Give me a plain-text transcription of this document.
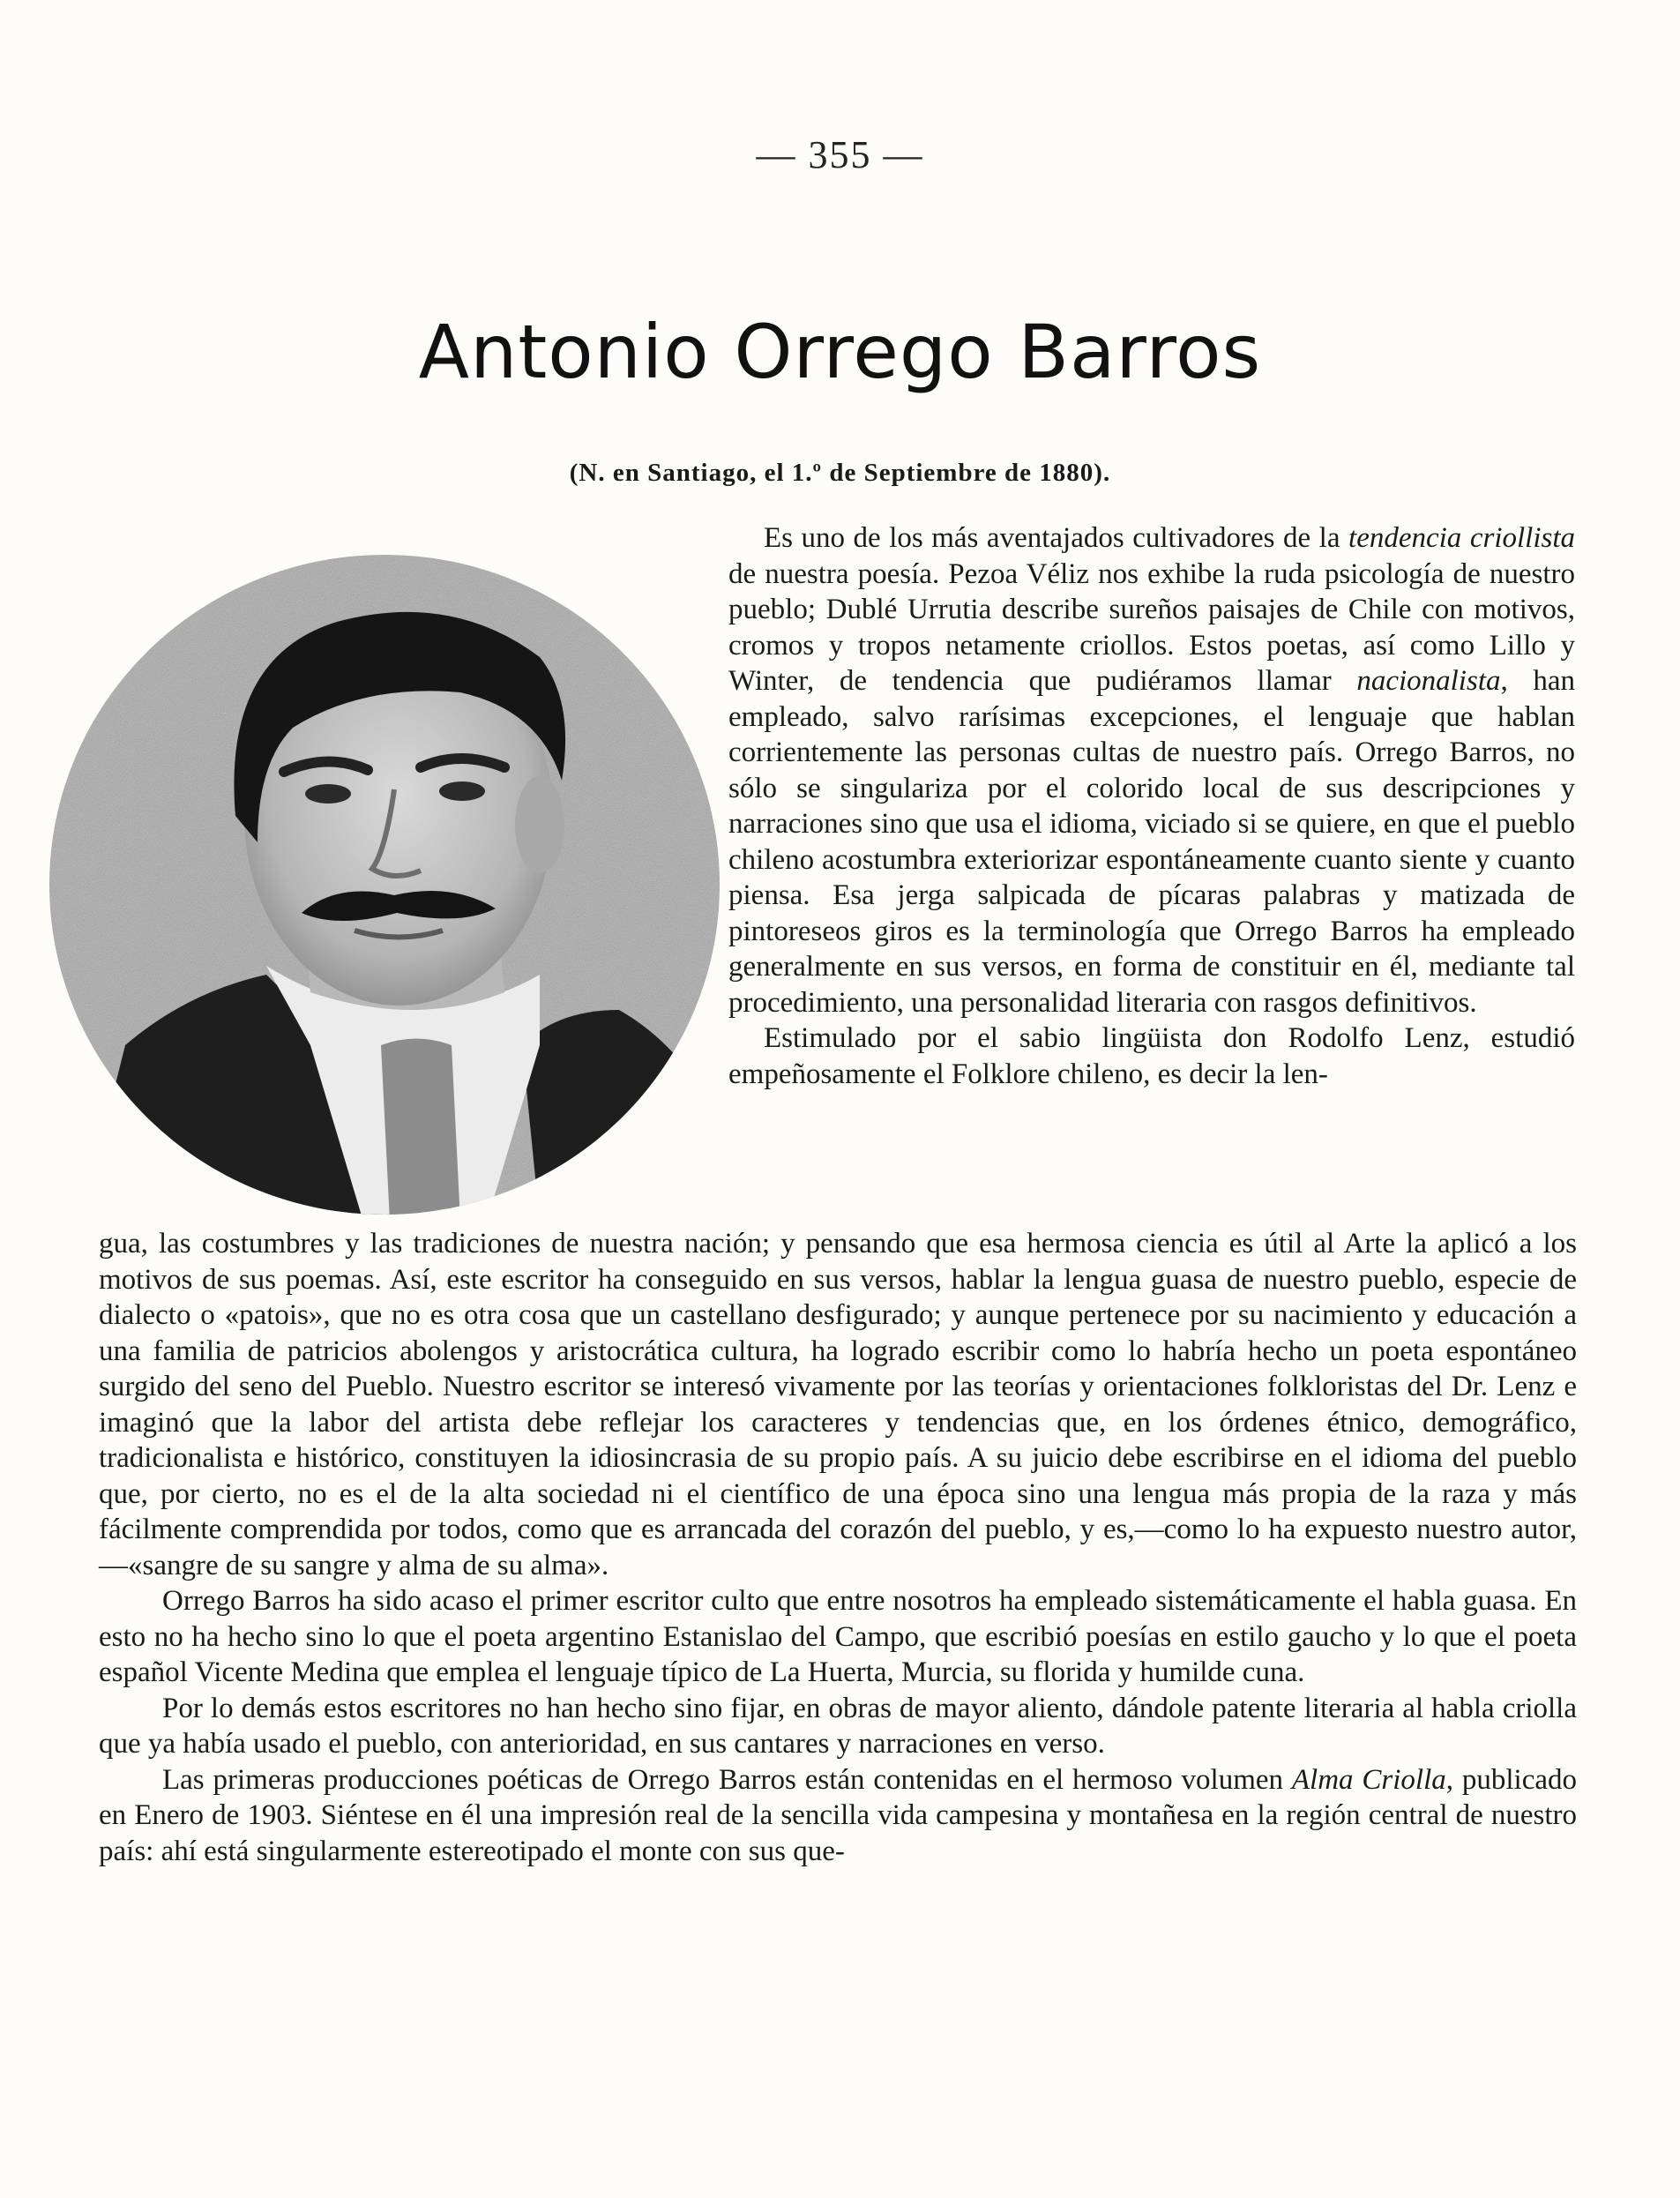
— 355 —
Antonio Orrego Barros
(N. en Santiago, el 1.º de Septiembre de 1880).

Es uno de los más aventajados cultivadores de la tendencia criollista de nuestra poesía. Pezoa Véliz nos exhibe la ruda psicología de nuestro pueblo; Dublé Urrutia describe sureños paisajes de Chile con motivos, cromos y tropos netamente criollos. Estos poetas, así como Lillo y Winter, de tendencia que pudiéramos llamar nacionalista, han empleado, salvo rarísimas excepciones, el lenguaje que hablan corrientemente las personas cultas de nuestro país. Orrego Barros, no sólo se singulariza por el colorido local de sus descripciones y narraciones sino que usa el idioma, viciado si se quiere, en que el pueblo chileno acostumbra exteriorizar espontáneamente cuanto siente y cuanto piensa. Esa jerga salpicada de pícaras palabras y matizada de pintoreseos giros es la terminología que Orrego Barros ha empleado generalmente en sus versos, en forma de constituir en él, mediante tal procedimiento, una personalidad literaria con rasgos definitivos.

Estimulado por el sabio lingüista don Rodolfo Lenz, estudió empeñosamente el Folklore chileno, es decir la len-

gua, las costumbres y las tradiciones de nuestra nación; y pensando que esa hermosa ciencia es útil al Arte la aplicó a los motivos de sus poemas. Así, este escritor ha conseguido en sus versos, hablar la lengua guasa de nuestro pueblo, especie de dialecto o «patois», que no es otra cosa que un castellano desfigurado; y aunque pertenece por su nacimiento y educación a una familia de patricios abolengos y aristocrática cultura, ha logrado escribir como lo habría hecho un poeta espontáneo surgido del seno del Pueblo. Nuestro escritor se interesó vivamente por las teorías y orientaciones folkloristas del Dr. Lenz e imaginó que la labor del artista debe reflejar los caracteres y tendencias que, en los órdenes étnico, demográfico, tradicionalista e histórico, constituyen la idiosincrasia de su propio país. A su juicio debe escribirse en el idioma del pueblo que, por cierto, no es el de la alta sociedad ni el científico de una época sino una lengua más propia de la raza y más fácilmente comprendida por todos, como que es arrancada del corazón del pueblo, y es,—como lo ha expuesto nuestro autor,—«sangre de su sangre y alma de su alma».

Orrego Barros ha sido acaso el primer escritor culto que entre nosotros ha empleado sistemáticamente el habla guasa. En esto no ha hecho sino lo que el poeta argentino Estanislao del Campo, que escribió poesías en estilo gaucho y lo que el poeta español Vicente Medina que emplea el lenguaje típico de La Huerta, Murcia, su florida y humilde cuna.

Por lo demás estos escritores no han hecho sino fijar, en obras de mayor aliento, dándole patente literaria al habla criolla que ya había usado el pueblo, con anterioridad, en sus cantares y narraciones en verso.

Las primeras producciones poéticas de Orrego Barros están contenidas en el hermoso volumen Alma Criolla, publicado en Enero de 1903. Siéntese en él una impresión real de la sencilla vida campesina y montañesa en la región central de nuestro país: ahí está singularmente estereotipado el monte con sus que-
